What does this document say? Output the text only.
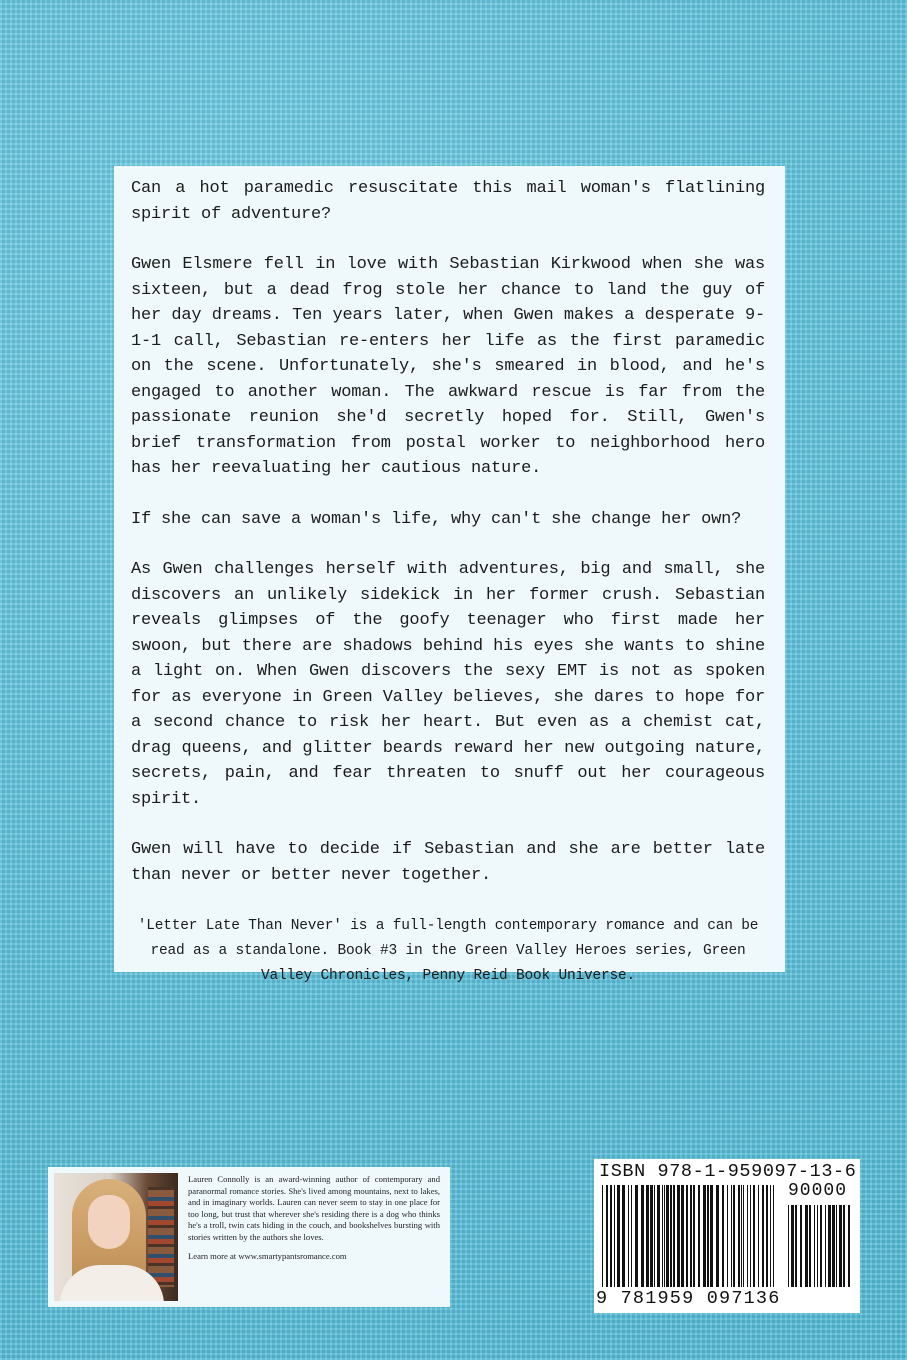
Can a hot paramedic resuscitate this mail woman's flatlining spirit of adventure?

Gwen Elsmere fell in love with Sebastian Kirkwood when she was sixteen, but a dead frog stole her chance to land the guy of her day dreams. Ten years later, when Gwen makes a desperate 9-1-1 call, Sebastian re-enters her life as the first paramedic on the scene. Unfortunately, she's smeared in blood, and he's engaged to another woman. The awkward rescue is far from the passionate reunion she'd secretly hoped for. Still, Gwen's brief transformation from postal worker to neighborhood hero has her reevaluating her cautious nature.

If she can save a woman's life, why can't she change her own?

As Gwen challenges herself with adventures, big and small, she discovers an unlikely sidekick in her former crush. Sebastian reveals glimpses of the goofy teenager who first made her swoon, but there are shadows behind his eyes she wants to shine a light on. When Gwen discovers the sexy EMT is not as spoken for as everyone in Green Valley believes, she dares to hope for a second chance to risk her heart. But even as a chemist cat, drag queens, and glitter beards reward her new outgoing nature, secrets, pain, and fear threaten to snuff out her courageous spirit.

Gwen will have to decide if Sebastian and she are better late than never or better never together.

'Letter Late Than Never' is a full-length contemporary romance and can be read as a standalone. Book #3 in the Green Valley Heroes series, Green Valley Chronicles, Penny Reid Book Universe.

Lauren Connolly is an award-winning author of contemporary and paranormal romance stories. She's lived among mountains, next to lakes, and in imaginary worlds. Lauren can never seem to stay in one place for too long, but trust that wherever she's residing there is a dog who thinks he's a troll, twin cats hiding in the couch, and bookshelves bursting with stories written by the authors she loves.

Learn more at www.smartypantsromance.com

ISBN 978-1-959097-13-6
90000
9 781959 097136
